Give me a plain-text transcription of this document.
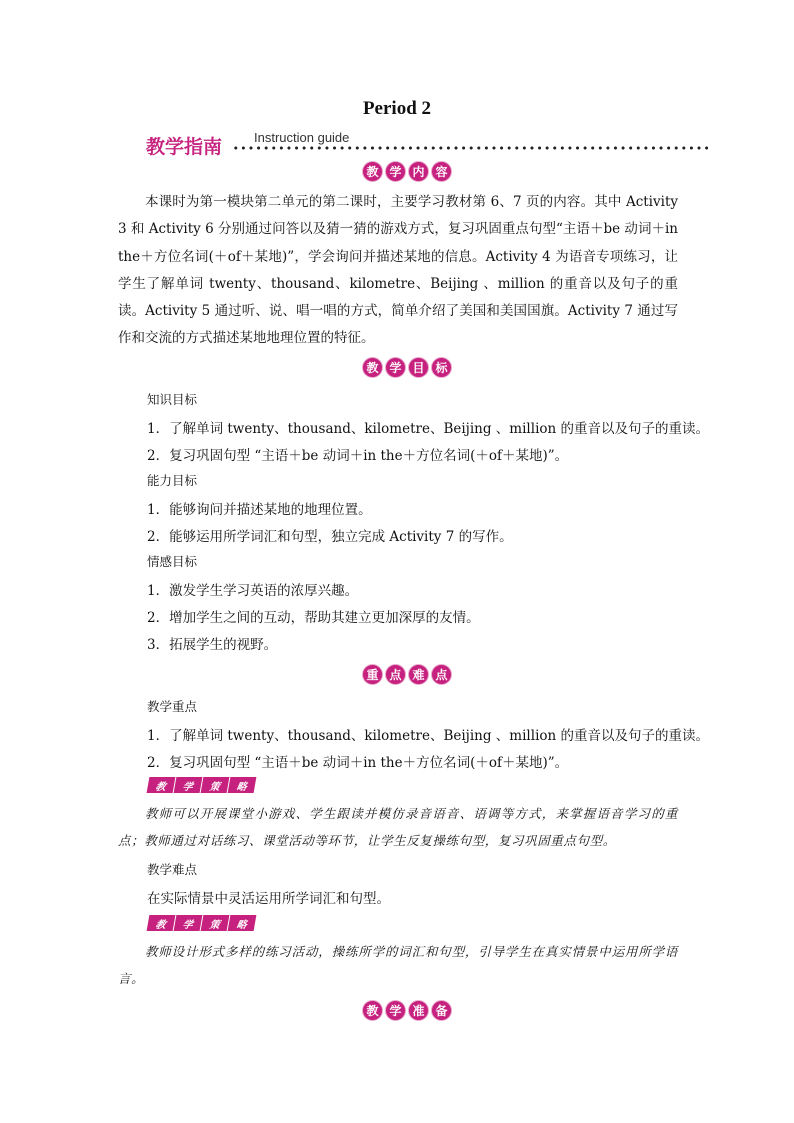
Period 2
教学指南 Instruction guide
教 学 内 容
本课时为第一模块第二单元的第二课时，主要学习教材第 6、7 页的内容。其中 Activity 3 和 Activity 6 分别通过问答以及猜一猜的游戏方式，复习巩固重点句型“主语＋be 动词＋in the＋方位名词(＋of＋某地)”，学会询问并描述某地的信息。Activity 4 为语音专项练习，让学生了解单词 twenty、thousand、kilometre、Beijing 、million 的重音以及句子的重读。Activity 5 通过听、说、唱一唱的方式，简单介绍了美国和美国国旗。Activity 7 通过写作和交流的方式描述某地地理位置的特征。
教 学 目 标
知识目标
1．了解单词 twenty、thousand、kilometre、Beijing 、million 的重音以及句子的重读。
2．复习巩固句型 “主语＋be 动词＋in the＋方位名词(＋of＋某地)”。
能力目标
1．能够询问并描述某地的地理位置。
2．能够运用所学词汇和句型，独立完成 Activity 7 的写作。
情感目标
1．激发学生学习英语的浓厚兴趣。
2．增加学生之间的互动，帮助其建立更加深厚的友情。
3．拓展学生的视野。
重 点 难 点
教学重点
1．了解单词 twenty、thousand、kilometre、Beijing 、million 的重音以及句子的重读。
2．复习巩固句型 “主语＋be 动词＋in the＋方位名词(＋of＋某地)”。
教	学	策	略
教师可以开展课堂小游戏、学生跟读并模仿录音语音、语调等方式，来掌握语音学习的重点；教师通过对话练习、课堂活动等环节，让学生反复操练句型，复习巩固重点句型。
教学难点
在实际情景中灵活运用所学词汇和句型。
教	学	策	略
教师设计形式多样的练习活动，操练所学的词汇和句型，引导学生在真实情景中运用所学语言。
教 学 准 备
